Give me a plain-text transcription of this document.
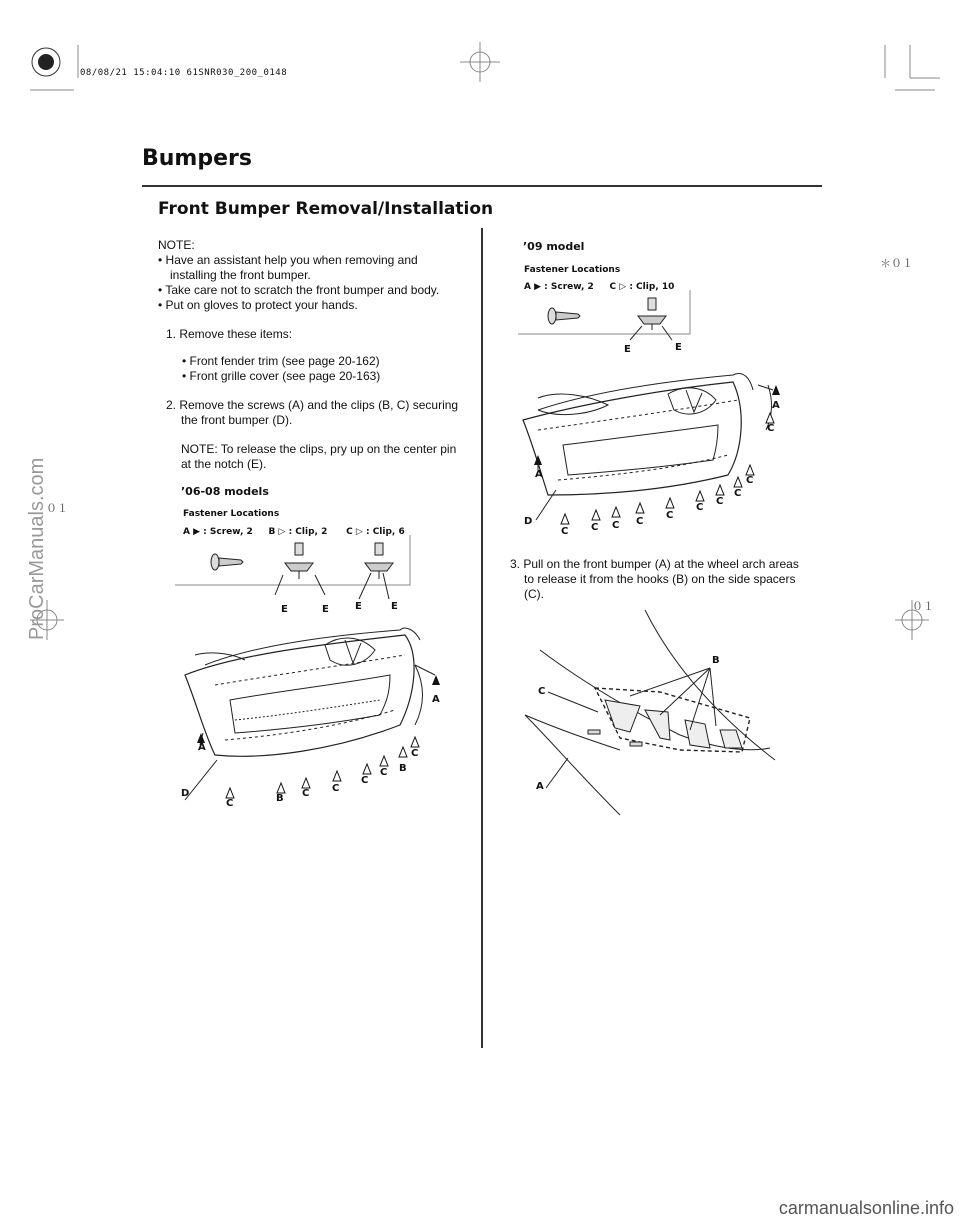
08/08/21 15:04:10 61SNR030_200_0148
Bumpers
Front Bumper Removal/Installation
NOTE:
• Have an assistant help you when removing and
installing the front bumper.
• Take care not to scratch the front bumper and body.
• Put on gloves to protect your hands.
1. Remove these items:
• Front fender trim (see page 20-162)
• Front grille cover (see page 20-163)
2. Remove the screws (A) and the clips (B, C) securing
the front bumper (D).
NOTE: To release the clips, pry up on the center pin
at the notch (E).
’06-08 models
Fastener Locations
A ▶ : Screw, 2 B ▷ : Clip, 2 C ▷ : Clip, 6
E	E	E	E
A
A
D
C	B C C
C
C B
C
’09 model
Fastener Locations
A ▶ : Screw, 2 C ▷ : Clip, 10
E	E
A
C
A
C
C
C
C
C
C
D	C
C
C
3. Pull on the front bumper (A) at the wheel arch areas
to release it from the hooks (B) on the side spacers
(C).
B
C
A
＊０１
０１
０１
ProCarManuals.com
carmanualsonline.info
